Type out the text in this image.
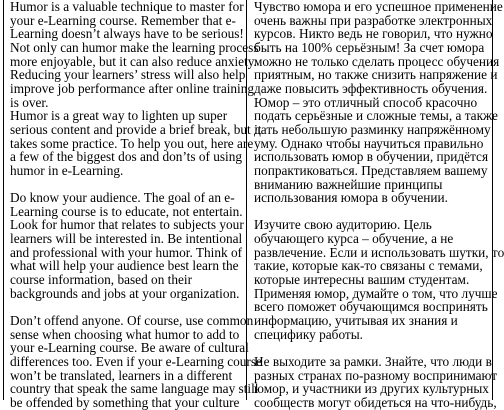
Humor is a valuable technique to master for
your e-Learning course. Remember that e-
Learning doesn’t always have to be serious!
Not only can humor make the learning process
more enjoyable, but it can also reduce anxiety.
Reducing your learners’ stress will also help
improve job performance after online training
is over.
Humor is a great way to lighten up super
serious content and provide a brief break, but it
takes some practice. To help you out, here are
a few of the biggest dos and don’ts of using
humor in e-Learning.
Do know your audience. The goal of an e-
Learning course is to educate, not entertain.
Look for humor that relates to subjects your
learners will be interested in. Be intentional
and professional with your humor. Think of
what will help your audience best learn the
course information, based on their
backgrounds and jobs at your organization.
Don’t offend anyone. Of course, use common
sense when choosing what humor to add to
your e-Learning course. Be aware of cultural
differences too. Even if your e-Learning course
won’t be translated, learners in a different
country that speak the same language may still
be offended by something that your culture
Чувство юмора и его успешное применение
очень важны при разработке электронных
курсов. Никто ведь не говорил, что нужно
быть на 100% серьёзным! За счет юмора
можно не только сделать процесс обучения
приятным, но также снизить напряжение и
даже повысить эффективность обучения.
Юмор – это отличный способ красочно
подать серьёзные и сложные темы, а также
дать небольшую разминку напряжённому
уму. Однако чтобы научиться правильно
использовать юмор в обучении, придётся
попрактиковаться. Представляем вашему
вниманию важнейшие принципы
использования юмора в обучении.
Изучите свою аудиторию. Цель
обучающего курса – обучение, а не
развлечение. Если и использовать шутки, то
такие, которые как-то связаны с темами,
которые интересны вашим студентам.
Применяя юмор, думайте о том, что лучше
всего поможет обучающимся воспринять
информацию, учитывая их знания и
специфику работы.
Не выходите за рамки. Знайте, что люди в
разных странах по-разному воспринимают
юмор, и участники из других культурных
сообществ могут обидеться на что-нибудь,
